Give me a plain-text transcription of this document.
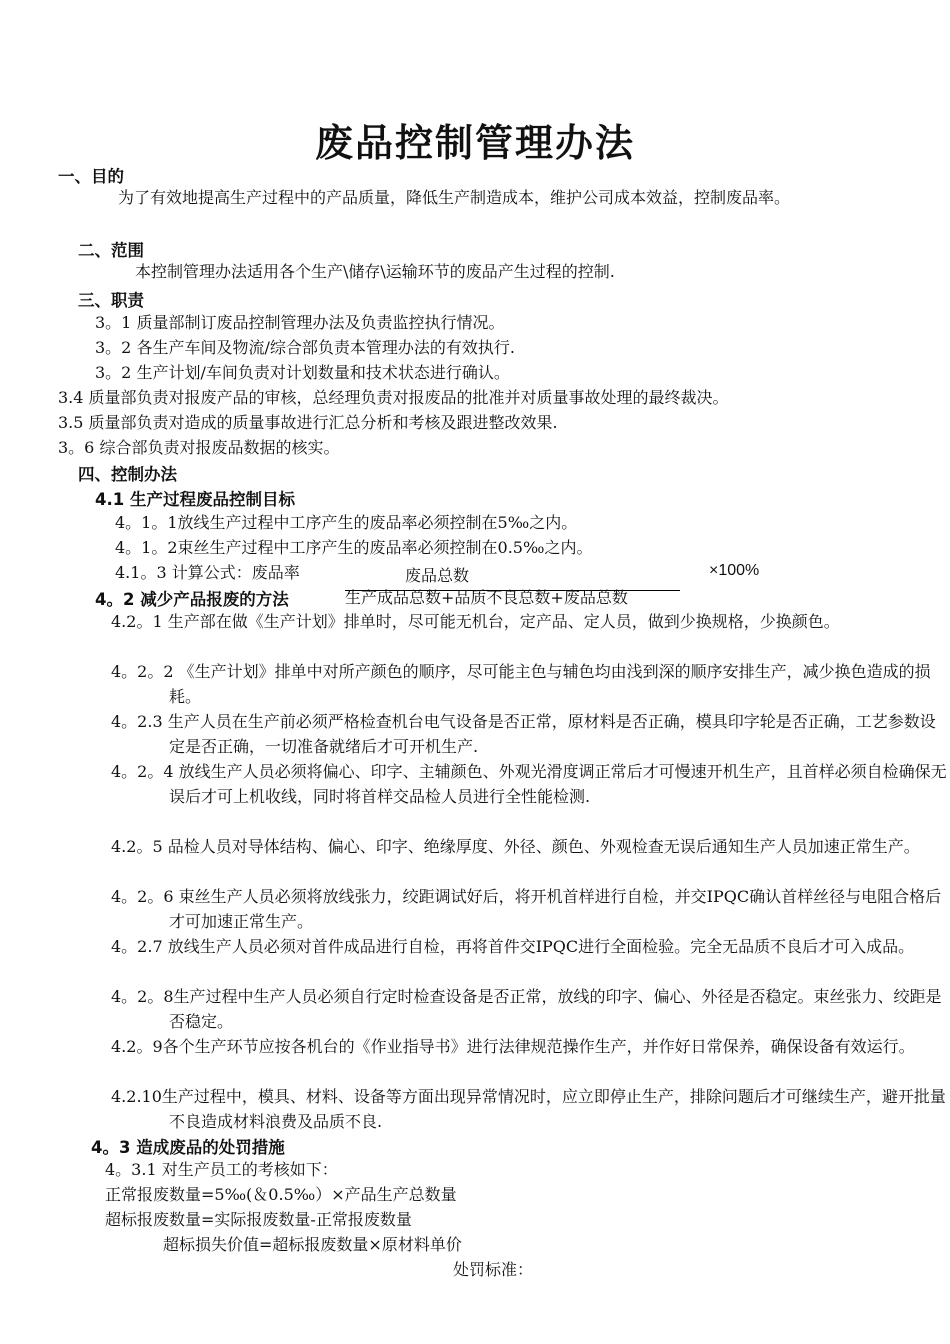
废品控制管理办法
一、目的
为了有效地提高生产过程中的产品质量，降低生产制造成本，维护公司成本效益，控制废品率。
二、范围
本控制管理办法适用各个生产\储存\运输环节的废品产生过程的控制.
三、职责
3。1 质量部制订废品控制管理办法及负责监控执行情况。
3。2 各生产车间及物流/综合部负责本管理办法的有效执行.
3。2 生产计划/车间负责对计划数量和技术状态进行确认。
3.4 质量部负责对报废产品的审核，总经理负责对报废品的批准并对质量事故处理的最终裁决。
3.5 质量部负责对造成的质量事故进行汇总分析和考核及跟进整改效果.
3。6 综合部负责对报废品数据的核实。
四、控制办法
4.1 生产过程废品控制目标
4。1。1放线生产过程中工序产生的废品率必须控制在5‰之内。
4。1。2束丝生产过程中工序产生的废品率必须控制在0.5‰之内。
4.1。3 计算公式：废品率	废品总数	×100%
4。2 减少产品报废的方法	生产成品总数+品质不良总数+废品总数
4.2。1 生产部在做《生产计划》排单时，尽可能无机台，定产品、定人员，做到少换规格，少换颜色。
4。2。2 《生产计划》排单中对所产颜色的顺序，尽可能主色与辅色均由浅到深的顺序安排生产，减少换色造成的损耗。
4。2.3 生产人员在生产前必须严格检查机台电气设备是否正常，原材料是否正确，模具印字轮是否正确，工艺参数设定是否正确，一切准备就绪后才可开机生产.
4。2。4 放线生产人员必须将偏心、印字、主辅颜色、外观光滑度调正常后才可慢速开机生产，且首样必须自检确保无误后才可上机收线，同时将首样交品检人员进行全性能检测.
4.2。5 品检人员对导体结构、偏心、印字、绝缘厚度、外径、颜色、外观检查无误后通知生产人员加速正常生产。
4。2。6 束丝生产人员必须将放线张力，绞距调试好后，将开机首样进行自检，并交IPQC确认首样丝径与电阻合格后才可加速正常生产。
4。2.7 放线生产人员必须对首件成品进行自检，再将首件交IPQC进行全面检验。完全无品质不良后才可入成品。
4。2。8生产过程中生产人员必须自行定时检查设备是否正常，放线的印字、偏心、外径是否稳定。束丝张力、绞距是否稳定。
4.2。9各个生产环节应按各机台的《作业指导书》进行法律规范操作生产，并作好日常保养，确保设备有效运行。
4.2.10生产过程中，模具、材料、设备等方面出现异常情况时，应立即停止生产，排除问题后才可继续生产，避开批量不良造成材料浪费及品质不良.
4。3 造成废品的处罚措施
4。3.1 对生产员工的考核如下：
正常报废数量=5‰(＆0.5‰）×产品生产总数量
超标报废数量=实际报废数量-正常报废数量
超标损失价值=超标报废数量×原材料单价
处罚标准：
